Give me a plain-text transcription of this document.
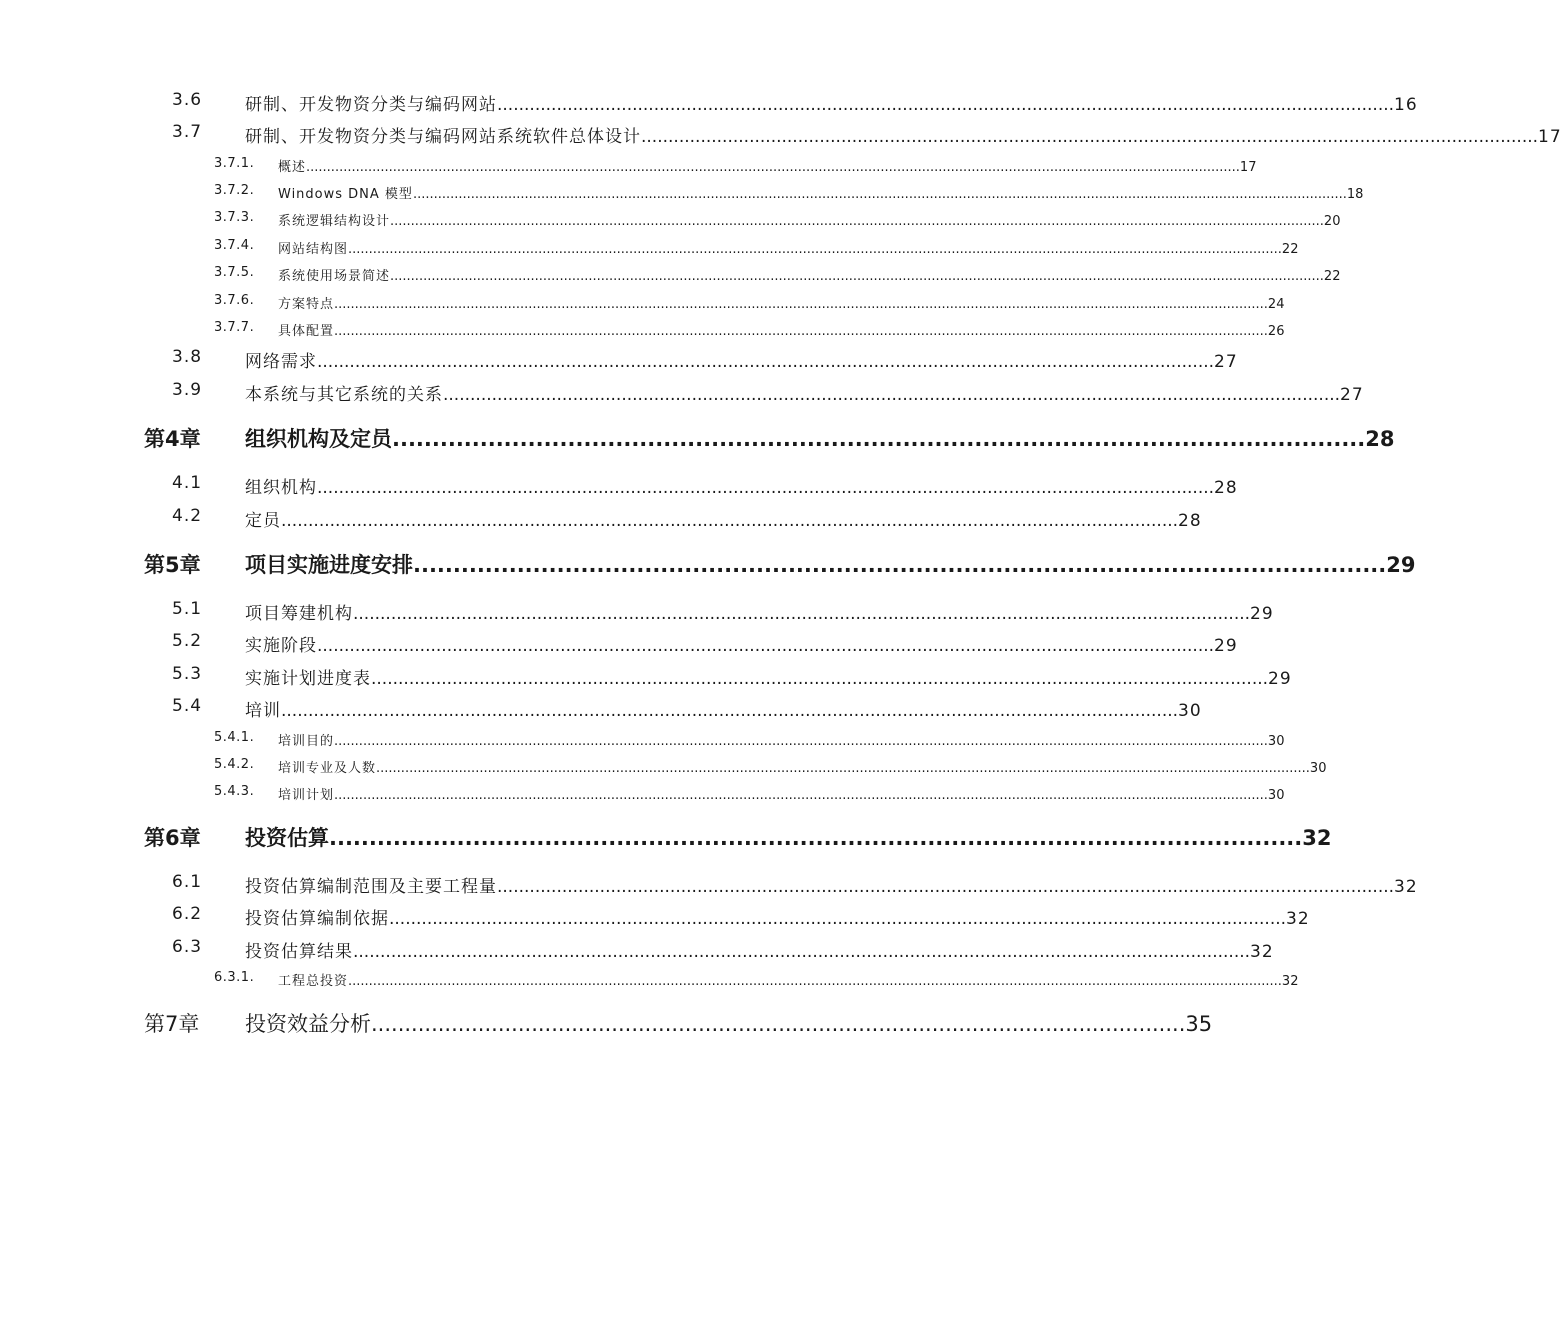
3.6	研制、开发物资分类与编码网站 ...................................................................................................................................................................... 16
3.7	研制、开发物资分类与编码网站系统软件总体设计 ...................................................................................................................................................................... 17
3.7.1. 概述 .................................................................................................................................................................................................................................. 17
3.7.2. Windows DNA 模型 .................................................................................................................................................................................................................................. 18
3.7.3. 系统逻辑结构设计 .................................................................................................................................................................................................................................. 20
3.7.4. 网站结构图 .................................................................................................................................................................................................................................. 22
3.7.5. 系统使用场景简述 .................................................................................................................................................................................................................................. 22
3.7.6. 方案特点 .................................................................................................................................................................................................................................. 24
3.7.7. 具体配置 .................................................................................................................................................................................................................................. 26
3.8	网络需求 ...................................................................................................................................................................... 27
3.9	本系统与其它系统的关系 ...................................................................................................................................................................... 27
第4章 组织机构及定员 .......................................................................................................................... 28
4.1	组织机构 ...................................................................................................................................................................... 28
4.2	定员 ...................................................................................................................................................................... 28
第5章 项目实施进度安排 .......................................................................................................................... 29
5.1	项目筹建机构 ...................................................................................................................................................................... 29
5.2	实施阶段 ...................................................................................................................................................................... 29
5.3	实施计划进度表 ...................................................................................................................................................................... 29
5.4	培训 ...................................................................................................................................................................... 30
5.4.1. 培训目的 .................................................................................................................................................................................................................................. 30
5.4.2. 培训专业及人数 .................................................................................................................................................................................................................................. 30
5.4.3. 培训计划 .................................................................................................................................................................................................................................. 30
第6章 投资估算 .......................................................................................................................... 32
6.1	投资估算编制范围及主要工程量 ...................................................................................................................................................................... 32
6.2	投资估算编制依据 ...................................................................................................................................................................... 32
6.3	投资估算结果 ...................................................................................................................................................................... 32
6.3.1. 工程总投资 .................................................................................................................................................................................................................................. 32
第7章 投资效益分析 .......................................................................................................................... 35
